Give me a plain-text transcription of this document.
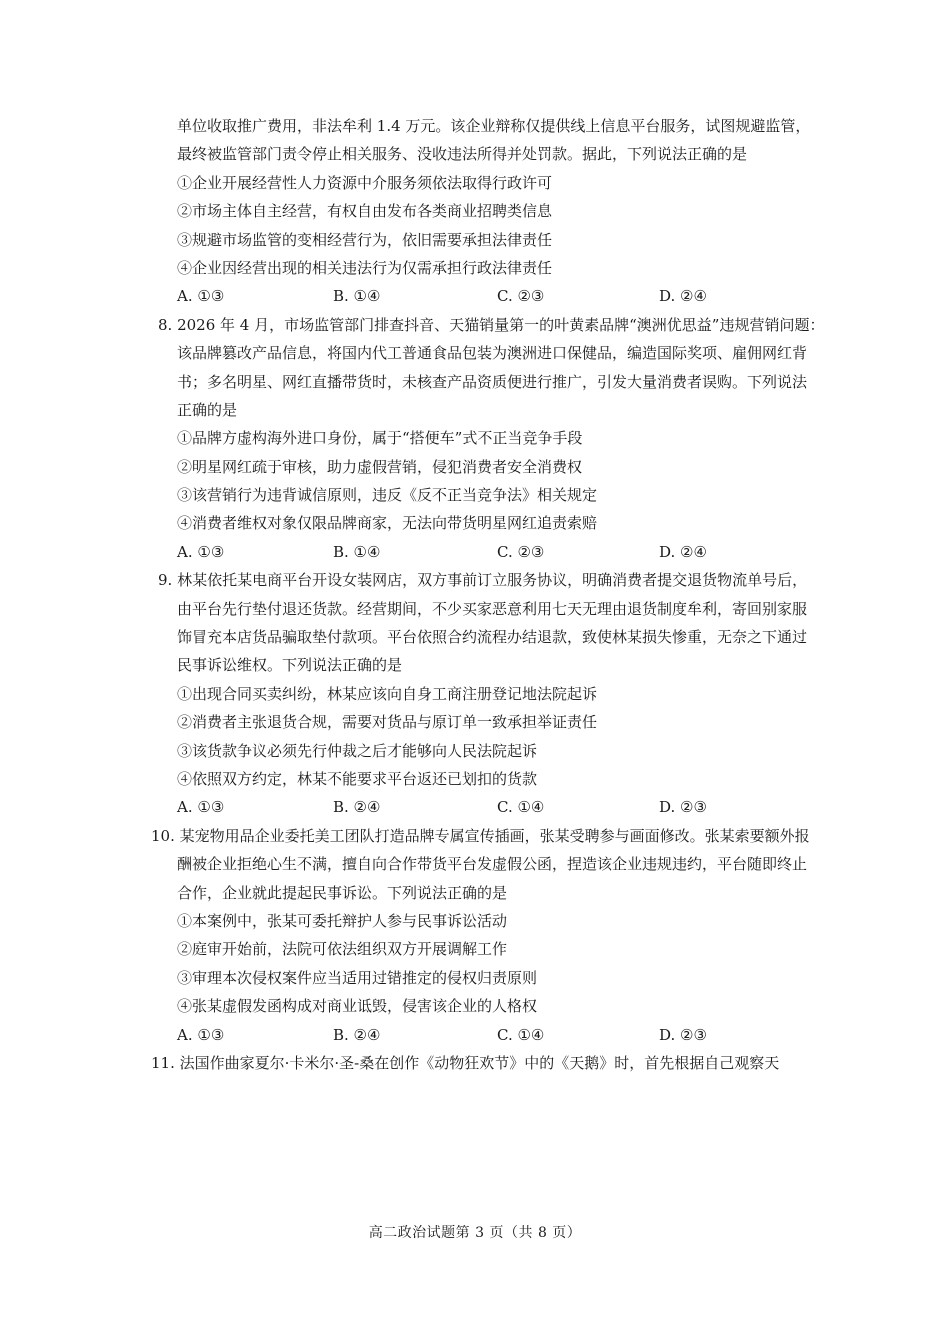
单位收取推广费用，非法牟利 1.4 万元。该企业辩称仅提供线上信息平台服务，试图规避监管，
最终被监管部门责令停止相关服务、没收违法所得并处罚款。据此，下列说法正确的是
①企业开展经营性人力资源中介服务须依法取得行政许可
②市场主体自主经营，有权自由发布各类商业招聘类信息
③规避市场监管的变相经营行为，依旧需要承担法律责任
④企业因经营出现的相关违法行为仅需承担行政法律责任
A. ①③	B. ①④	C. ②③	D. ②④
8. 2026 年 4 月，市场监管部门排查抖音、天猫销量第一的叶黄素品牌“澳洲优思益”违规营销问题：
该品牌篡改产品信息，将国内代工普通食品包装为澳洲进口保健品，编造国际奖项、雇佣网红背
书；多名明星、网红直播带货时，未核查产品资质便进行推广，引发大量消费者误购。下列说法
正确的是
①品牌方虚构海外进口身份，属于“搭便车”式不正当竞争手段
②明星网红疏于审核，助力虚假营销，侵犯消费者安全消费权
③该营销行为违背诚信原则，违反《反不正当竞争法》相关规定
④消费者维权对象仅限品牌商家，无法向带货明星网红追责索赔
A. ①③	B. ①④	C. ②③	D. ②④
9. 林某依托某电商平台开设女装网店，双方事前订立服务协议，明确消费者提交退货物流单号后，
由平台先行垫付退还货款。经营期间，不少买家恶意利用七天无理由退货制度牟利，寄回别家服
饰冒充本店货品骗取垫付款项。平台依照合约流程办结退款，致使林某损失惨重，无奈之下通过
民事诉讼维权。下列说法正确的是
①出现合同买卖纠纷，林某应该向自身工商注册登记地法院起诉
②消费者主张退货合规，需要对货品与原订单一致承担举证责任
③该货款争议必须先行仲裁之后才能够向人民法院起诉
④依照双方约定，林某不能要求平台返还已划扣的货款
A. ①③	B. ②④	C. ①④	D. ②③
10. 某宠物用品企业委托美工团队打造品牌专属宣传插画，张某受聘参与画面修改。张某索要额外报
酬被企业拒绝心生不满，擅自向合作带货平台发虚假公函，捏造该企业违规违约，平台随即终止
合作，企业就此提起民事诉讼。下列说法正确的是
①本案例中，张某可委托辩护人参与民事诉讼活动
②庭审开始前，法院可依法组织双方开展调解工作
③审理本次侵权案件应当适用过错推定的侵权归责原则
④张某虚假发函构成对商业诋毁，侵害该企业的人格权
A. ①③	B. ②④	C. ①④	D. ②③
11. 法国作曲家夏尔·卡米尔·圣-桑在创作《动物狂欢节》中的《天鹅》时，首先根据自己观察天
高二政治试题第 3 页（共 8 页）
